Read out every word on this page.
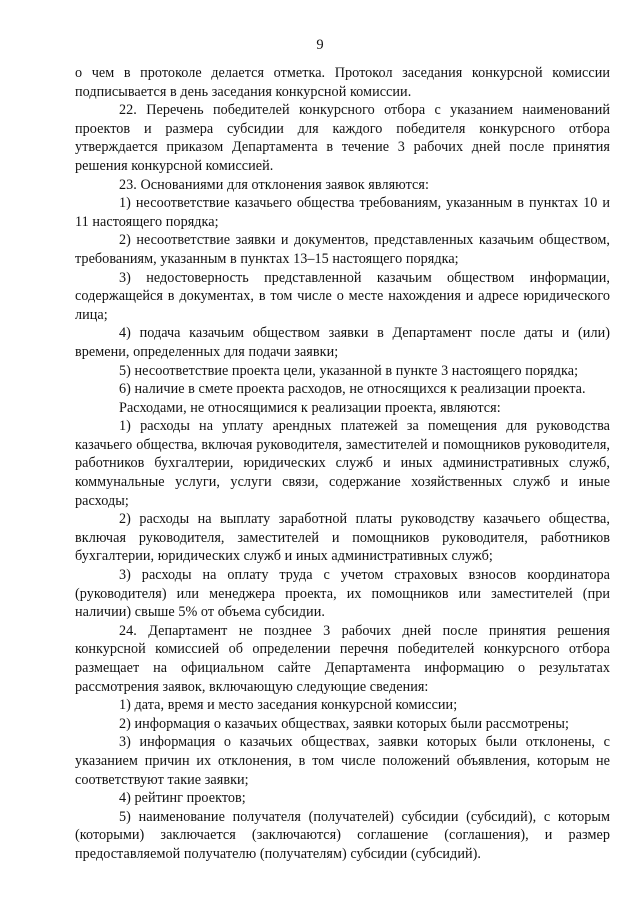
9

о чем в протоколе делается отметка. Протокол заседания конкурсной комиссии подписывается в день заседания конкурсной комиссии.

22. Перечень победителей конкурсного отбора с указанием наименований проектов и размера субсидии для каждого победителя конкурсного отбора утверждается приказом Департамента в течение 3 рабочих дней после принятия решения конкурсной комиссией.

23. Основаниями для отклонения заявок являются:

1) несоответствие казачьего общества требованиям, указанным в пунктах 10 и 11 настоящего порядка;

2) несоответствие заявки и документов, представленных казачьим обществом, требованиям, указанным в пунктах 13–15 настоящего порядка;

3) недостоверность представленной казачьим обществом информации, содержащейся в документах, в том числе о месте нахождения и адресе юридического лица;

4) подача казачьим обществом заявки в Департамент после даты и (или) времени, определенных для подачи заявки;

5) несоответствие проекта цели, указанной в пункте 3 настоящего порядка;

6) наличие в смете проекта расходов, не относящихся к реализации проекта.

Расходами, не относящимися к реализации проекта, являются:

1) расходы на уплату арендных платежей за помещения для руководства казачьего общества, включая руководителя, заместителей и помощников руководителя, работников бухгалтерии, юридических служб и иных административных служб, коммунальные услуги, услуги связи, содержание хозяйственных служб и иные расходы;

2) расходы на выплату заработной платы руководству казачьего общества, включая руководителя, заместителей и помощников руководителя, работников бухгалтерии, юридических служб и иных административных служб;

3) расходы на оплату труда с учетом страховых взносов координатора (руководителя) или менеджера проекта, их помощников или заместителей (при наличии) свыше 5% от объема субсидии.

24. Департамент не позднее 3 рабочих дней после принятия решения конкурсной комиссией об определении перечня победителей конкурсного отбора размещает на официальном сайте Департамента информацию о результатах рассмотрения заявок, включающую следующие сведения:

1) дата, время и место заседания конкурсной комиссии;

2) информация о казачьих обществах, заявки которых были рассмотрены;

3) информация о казачьих обществах, заявки которых были отклонены, с указанием причин их отклонения, в том числе положений объявления, которым не соответствуют такие заявки;

4) рейтинг проектов;

5) наименование получателя (получателей) субсидии (субсидий), с которым (которыми) заключается (заключаются) соглашение (соглашения), и размер предоставляемой получателю (получателям) субсидии (субсидий).
